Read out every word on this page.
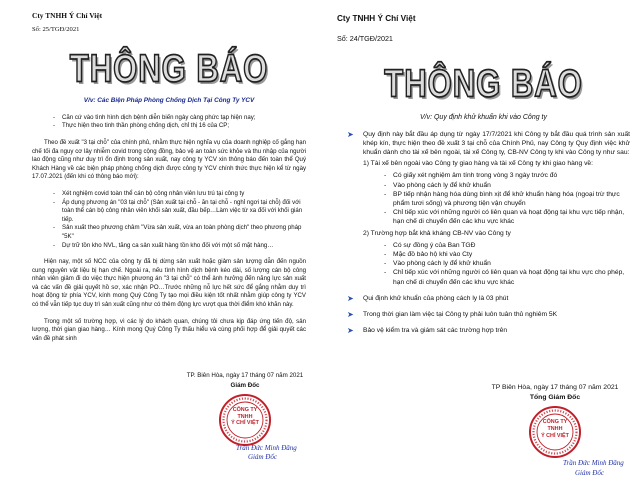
Cty TNHH Ý Chí Việt
Số: 25/TGĐ/2021
THÔNG BÁO
V/v: Các Biện Pháp Phòng Chống Dịch Tại Công Ty YCV
- Căn cứ vào tình hình dịch bệnh diễn biến ngày càng phức tạp hiện nay;
- Thực hiện theo tinh thần phòng chống dịch, chỉ thị 16 của CP;

Theo đề xuất "3 tại chỗ" của chính phủ, nhằm thực hiện nghĩa vụ của doanh nghiệp cố gắng hạn chế tối đa nguy cơ lây nhiễm covid trong cộng đồng, bảo vệ an toàn sức khỏe và thu nhập của người lao động cũng như duy trì ổn định trong sản xuất, nay công ty YCV xin thông báo đến toàn thể Quý Khách Hàng về các biện pháp phòng chống dịch được công ty YCV chính thức thực hiện kể từ ngày 17.07.2021 (đến khi có thông báo mới):

- Xét nghiệm covid toàn thể cán bộ công nhân viên lưu trú tại công ty
- Áp dụng phương án "03 tại chỗ" (Sản xuất tại chỗ - ăn tại chỗ - nghỉ ngơi tại chỗ) đối với toàn thể cán bộ công nhân viên khối sản xuất, đầu bếp…Làm việc từ xa đối với khối gián tiếp.
- Sản xuất theo phương châm "Vừa sản xuất, vừa an toàn phòng dịch" theo phương pháp "5K"
- Dự trữ tồn kho NVL, tăng ca sản xuất hàng tồn kho đối với một số mặt hàng…

Hiện nay, một số NCC của công ty đã bị dừng sản xuất hoặc giảm sản lượng dẫn đến nguồn cung nguyên vật liệu bị hạn chế. Ngoài ra, nếu tình hình dịch bệnh kéo dài, số lượng cán bộ công nhân viên giảm đi do việc thực hiện phương án "3 tại chỗ" có thể ảnh hưởng đến năng lực sản xuất và các vấn đề giải quyết hồ sơ, xác nhận PO…Trước những nỗ lực hết sức để gắng nhằm duy trì hoạt động từ phía YCV, kính mong Quý Công Ty tạo mọi điều kiện tốt nhất nhằm giúp công ty YCV có thể vẫn tiếp tục duy trì sản xuất cũng như có thêm động lực vượt qua thời điểm khó khăn này.

Trong một số trường hợp, vì các lý do khách quan, chúng tôi chưa kịp đáp ứng tiến độ, sản lượng, thời gian giao hàng… Kính mong Quý Công Ty thấu hiểu và cùng phối hợp để giải quyết các vấn đề phát sinh

TP. Biên Hòa, ngày 17 tháng 07 năm 2021
Giám Đốc
CÔNG TY
TNHH
Ý CHÍ VIỆT
Trần Đức Minh Đăng
Giám Đốc
Cty TNHH Ý Chí Việt
Số: 24/TGĐ/2021
THÔNG BÁO
V/v: Quy định khử khuẩn khi vào Công ty
➤ Quy định này bắt đầu áp dụng từ ngày 17/7/2021 khi Công ty bắt đầu quá trình sản xuất khép kín, thực hiện theo đề xuất 3 tại chỗ của Chính Phủ, nay Công ty Quy định việc khử khuẩn dành cho tài xế bên ngoài, tài xế Công ty, CB-NV Công ty khi vào Công ty như sau:

1) Tài xế bên ngoài vào Công ty giao hàng và tài xế Công ty khi giao hàng về:
- Có giấy xét nghiệm âm tính trong vòng 3 ngày trước đó
- Vào phòng cách ly để khử khuẩn
- BP tiếp nhận hàng hóa dùng bình xịt để khử khuẩn hàng hóa (ngoại trừ thực phẩm tươi sống) và phương tiện vận chuyển
- Chỉ tiếp xúc với những người có liên quan và hoạt động tại khu vực tiếp nhận, hạn chế di chuyển đến các khu vực khác
2) Trường hợp bắt khả kháng CB-NV vào Công ty
- Có sự đồng ý của Ban TGĐ
- Mặc đồ bảo hộ khi vào Cty
- Vào phòng cách ly để khử khuẩn
- Chỉ tiếp xúc với những người có liên quan và hoạt động tại khu vực cho phép, hạn chế di chuyển đến các khu vực khác
➤ Qui định khử khuẩn của phòng cách ly là 03 phút
➤ Trong thời gian làm việc tại Công ty phải luôn tuân thủ nghiêm 5K
➤ Bảo vệ kiểm tra và giám sát các trường hợp trên
TP Biên Hòa, ngày 17 tháng 07 năm 2021
Tổng Giám Đốc
CÔNG TY
TNHH
Ý CHÍ VIỆT
Trần Đức Minh Đăng
Giám Đốc
